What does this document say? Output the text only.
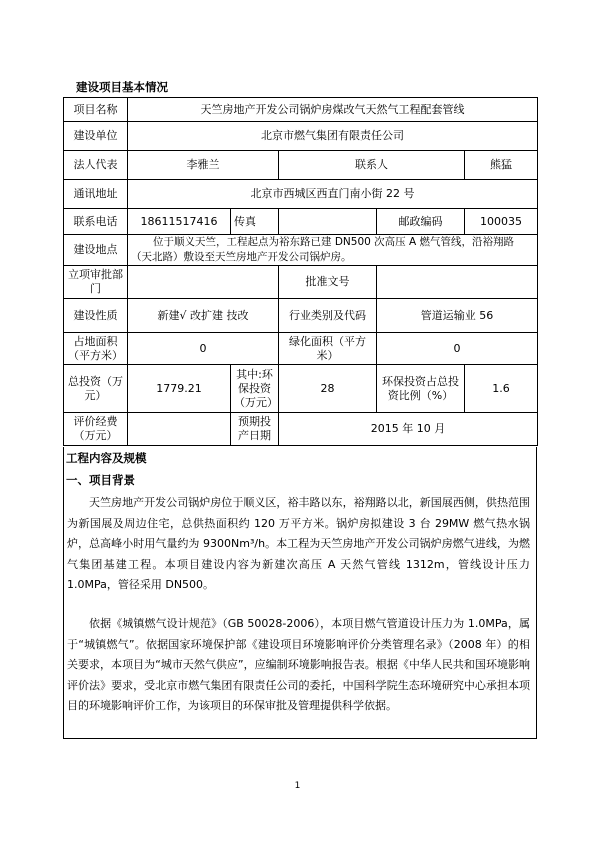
建设项目基本情况
项目名称	天竺房地产开发公司锅炉房煤改气天然气工程配套管线				
建设单位	北京市燃气集团有限责任公司				
法人代表	李雅兰		联系人		熊猛
通讯地址	北京市西城区西直门南小街 22 号				
联系电话	18611517416	传真		邮政编码	100035
建设地点	位于顺义天竺，工程起点为裕东路已建 DN500 次高压 A 燃气管线，沿裕翔路（天北路）敷设至天竺房地产开发公司锅炉房。				
立项审批部门			批准文号		
建设性质	新建√ 改扩建 技改		行业类别及代码	管道运输业 56	
占地面积（平方米）	0		绿化面积（平方米）	0	
总投资（万元）	1779.21	其中:环保投资（万元）	28	环保投资占总投资比例（%）	1.6
评价经费（万元）		预期投产日期	2015 年 10 月		
工程内容及规模
一、项目背景

天竺房地产开发公司锅炉房位于顺义区，裕丰路以东，裕翔路以北，新国展西侧，供热范围为新国展及周边住宅，总供热面积约 120 万平方米。锅炉房拟建设 3 台 29MW 燃气热水锅炉，总高峰小时用气量约为 9300Nm³/h。本工程为天竺房地产开发公司锅炉房燃气进线，为燃气集团基建工程。本项目建设内容为新建次高压 A 天然气管线 1312m，管线设计压力 1.0MPa，管径采用 DN500。

依据《城镇燃气设计规范》（GB 50028-2006），本项目燃气管道设计压力为 1.0MPa，属于“城镇燃气”。依据国家环境保护部《建设项目环境影响评价分类管理名录》（2008 年）的相关要求，本项目为“城市天然气供应”，应编制环境影响报告表。根据《中华人民共和国环境影响评价法》要求，受北京市燃气集团有限责任公司的委托，中国科学院生态环境研究中心承担本项目的环境影响评价工作，为该项目的环保审批及管理提供科学依据。

1
